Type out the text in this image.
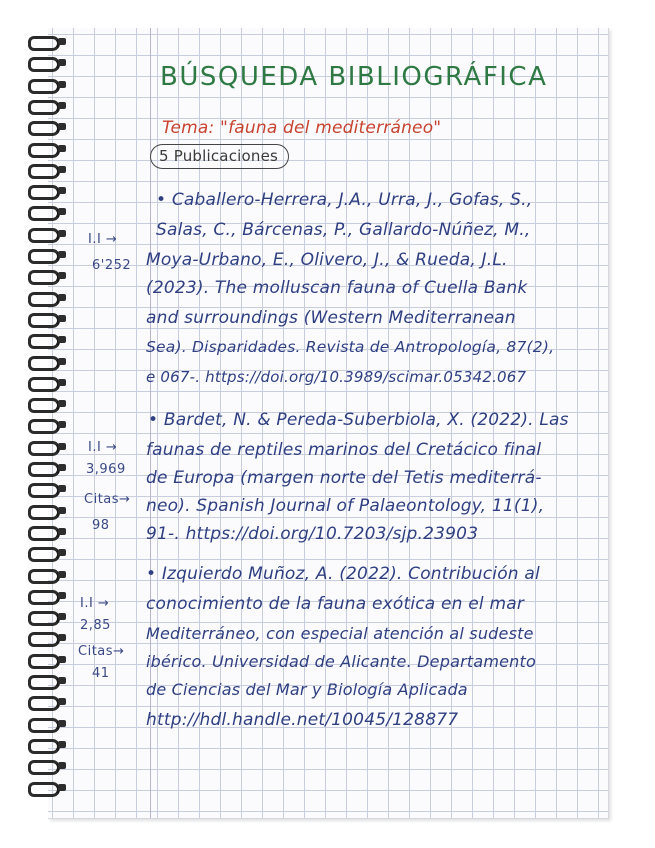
BÚSQUEDA BIBLIOGRÁFICA
Tema: "fauna del mediterráneo"
5 Publicaciones
• Caballero-Herrera, J.A., Urra, J., Gofas, S.,
Salas, C., Bárcenas, P., Gallardo-Núñez, M.,
Moya-Urbano, E., Olivero, J., & Rueda, J.L.
(2023). The molluscan fauna of Cuella Bank
and surroundings (Western Mediterranean
Sea). Disparidades. Revista de Antropología, 87(2),
e 067-. https://doi.org/10.3989/scimar.05342.067
I.I →
6'252
• Bardet, N. & Pereda-Suberbiola, X. (2022). Las
faunas de reptiles marinos del Cretácico final
de Europa (margen norte del Tetis mediterrá-
neo). Spanish Journal of Palaeontology, 11(1),
91-. https://doi.org/10.7203/sjp.23903
I.I →
3,969
Citas→
98
• Izquierdo Muñoz, A. (2022). Contribución al
conocimiento de la fauna exótica en el mar
Mediterráneo, con especial atención al sudeste
ibérico. Universidad de Alicante. Departamento
de Ciencias del Mar y Biología Aplicada
http://hdl.handle.net/10045/128877
I.I →
2,85
Citas→
41
